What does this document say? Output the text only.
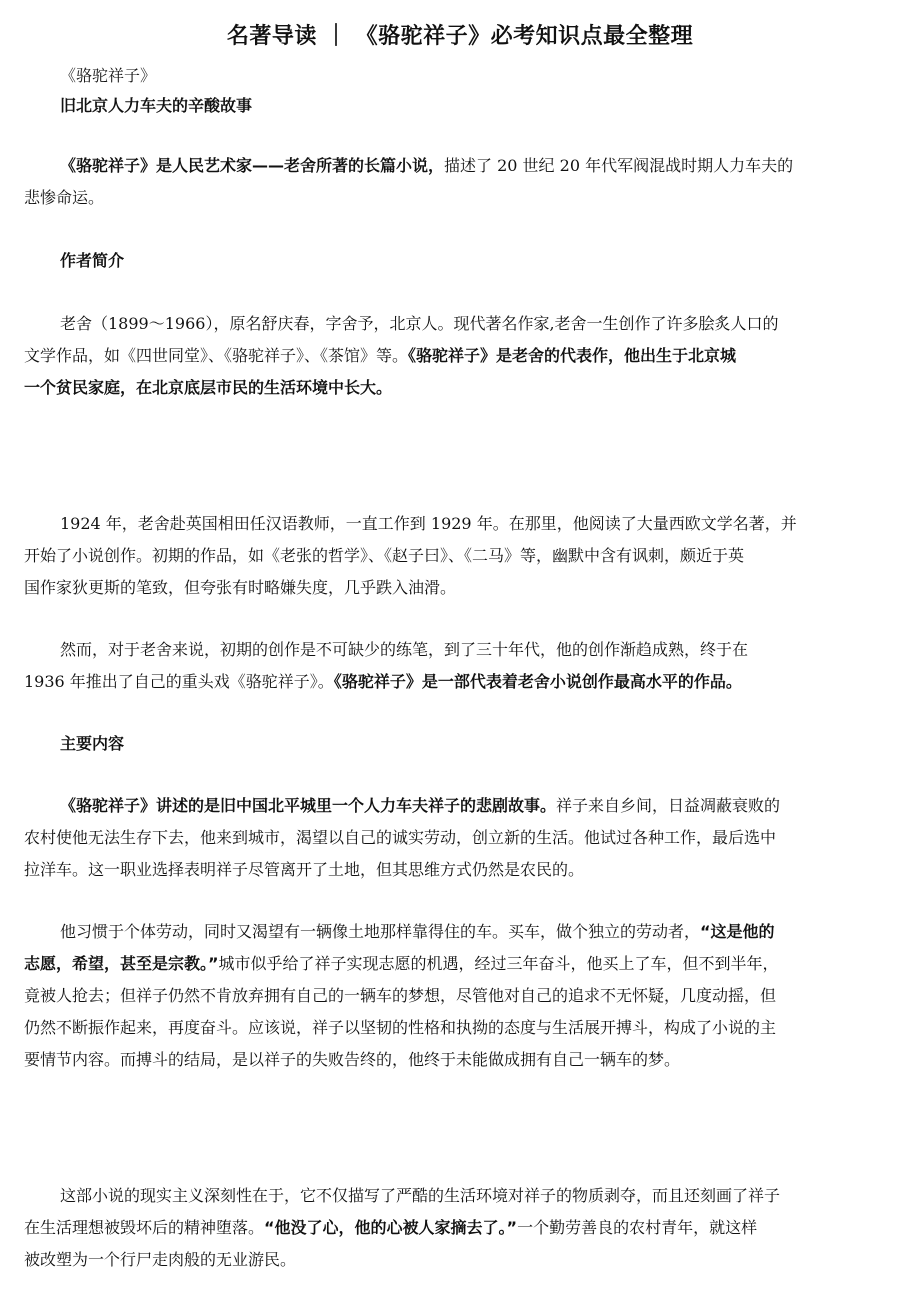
名著导读 ｜ 《骆驼祥子》必考知识点最全整理
《骆驼祥子》
旧北京人力车夫的辛酸故事
《骆驼祥子》是人民艺术家——老舍所著的长篇小说，描述了 20 世纪 20 年代军阀混战时期人力车夫的
悲惨命运。
作者简介
老舍（1899～1966），原名舒庆春，字舍予，北京人。现代著名作家,老舍一生创作了许多脍炙人口的
文学作品，如《四世同堂》、《骆驼祥子》、《茶馆》等。《骆驼祥子》是老舍的代表作，他出生于北京城
一个贫民家庭，在北京底层市民的生活环境中长大。
1924 年，老舍赴英国相田任汉语教师，一直工作到 1929 年。在那里，他阅读了大量西欧文学名著，并
开始了小说创作。初期的作品，如《老张的哲学》、《赵子曰》、《二马》等，幽默中含有讽刺，颇近于英
国作家狄更斯的笔致，但夸张有时略嫌失度，几乎跌入油滑。
然而，对于老舍来说，初期的创作是不可缺少的练笔，到了三十年代，他的创作渐趋成熟，终于在
1936 年推出了自己的重头戏《骆驼祥子》。《骆驼祥子》是一部代表着老舍小说创作最高水平的作品。
主要内容
《骆驼祥子》讲述的是旧中国北平城里一个人力车夫祥子的悲剧故事。祥子来自乡间，日益凋蔽衰败的
农村使他无法生存下去，他来到城市，渴望以自己的诚实劳动，创立新的生活。他试过各种工作，最后选中
拉洋车。这一职业选择表明祥子尽管离开了土地，但其思维方式仍然是农民的。
他习惯于个体劳动，同时又渴望有一辆像土地那样靠得住的车。买车，做个独立的劳动者，“这是他的
志愿，希望，甚至是宗教。”城市似乎给了祥子实现志愿的机遇，经过三年奋斗，他买上了车，但不到半年，
竟被人抢去；但祥子仍然不肯放弃拥有自己的一辆车的梦想，尽管他对自己的追求不无怀疑，几度动摇，但
仍然不断振作起来，再度奋斗。应该说，祥子以坚韧的性格和执拗的态度与生活展开搏斗，构成了小说的主
要情节内容。而搏斗的结局，是以祥子的失败告终的，他终于未能做成拥有自己一辆车的梦。
这部小说的现实主义深刻性在于，它不仅描写了严酷的生活环境对祥子的物质剥夺，而且还刻画了祥子
在生活理想被毁坏后的精神堕落。“他没了心，他的心被人家摘去了。”一个勤劳善良的农村青年，就这样
被改塑为一个行尸走肉般的无业游民。
